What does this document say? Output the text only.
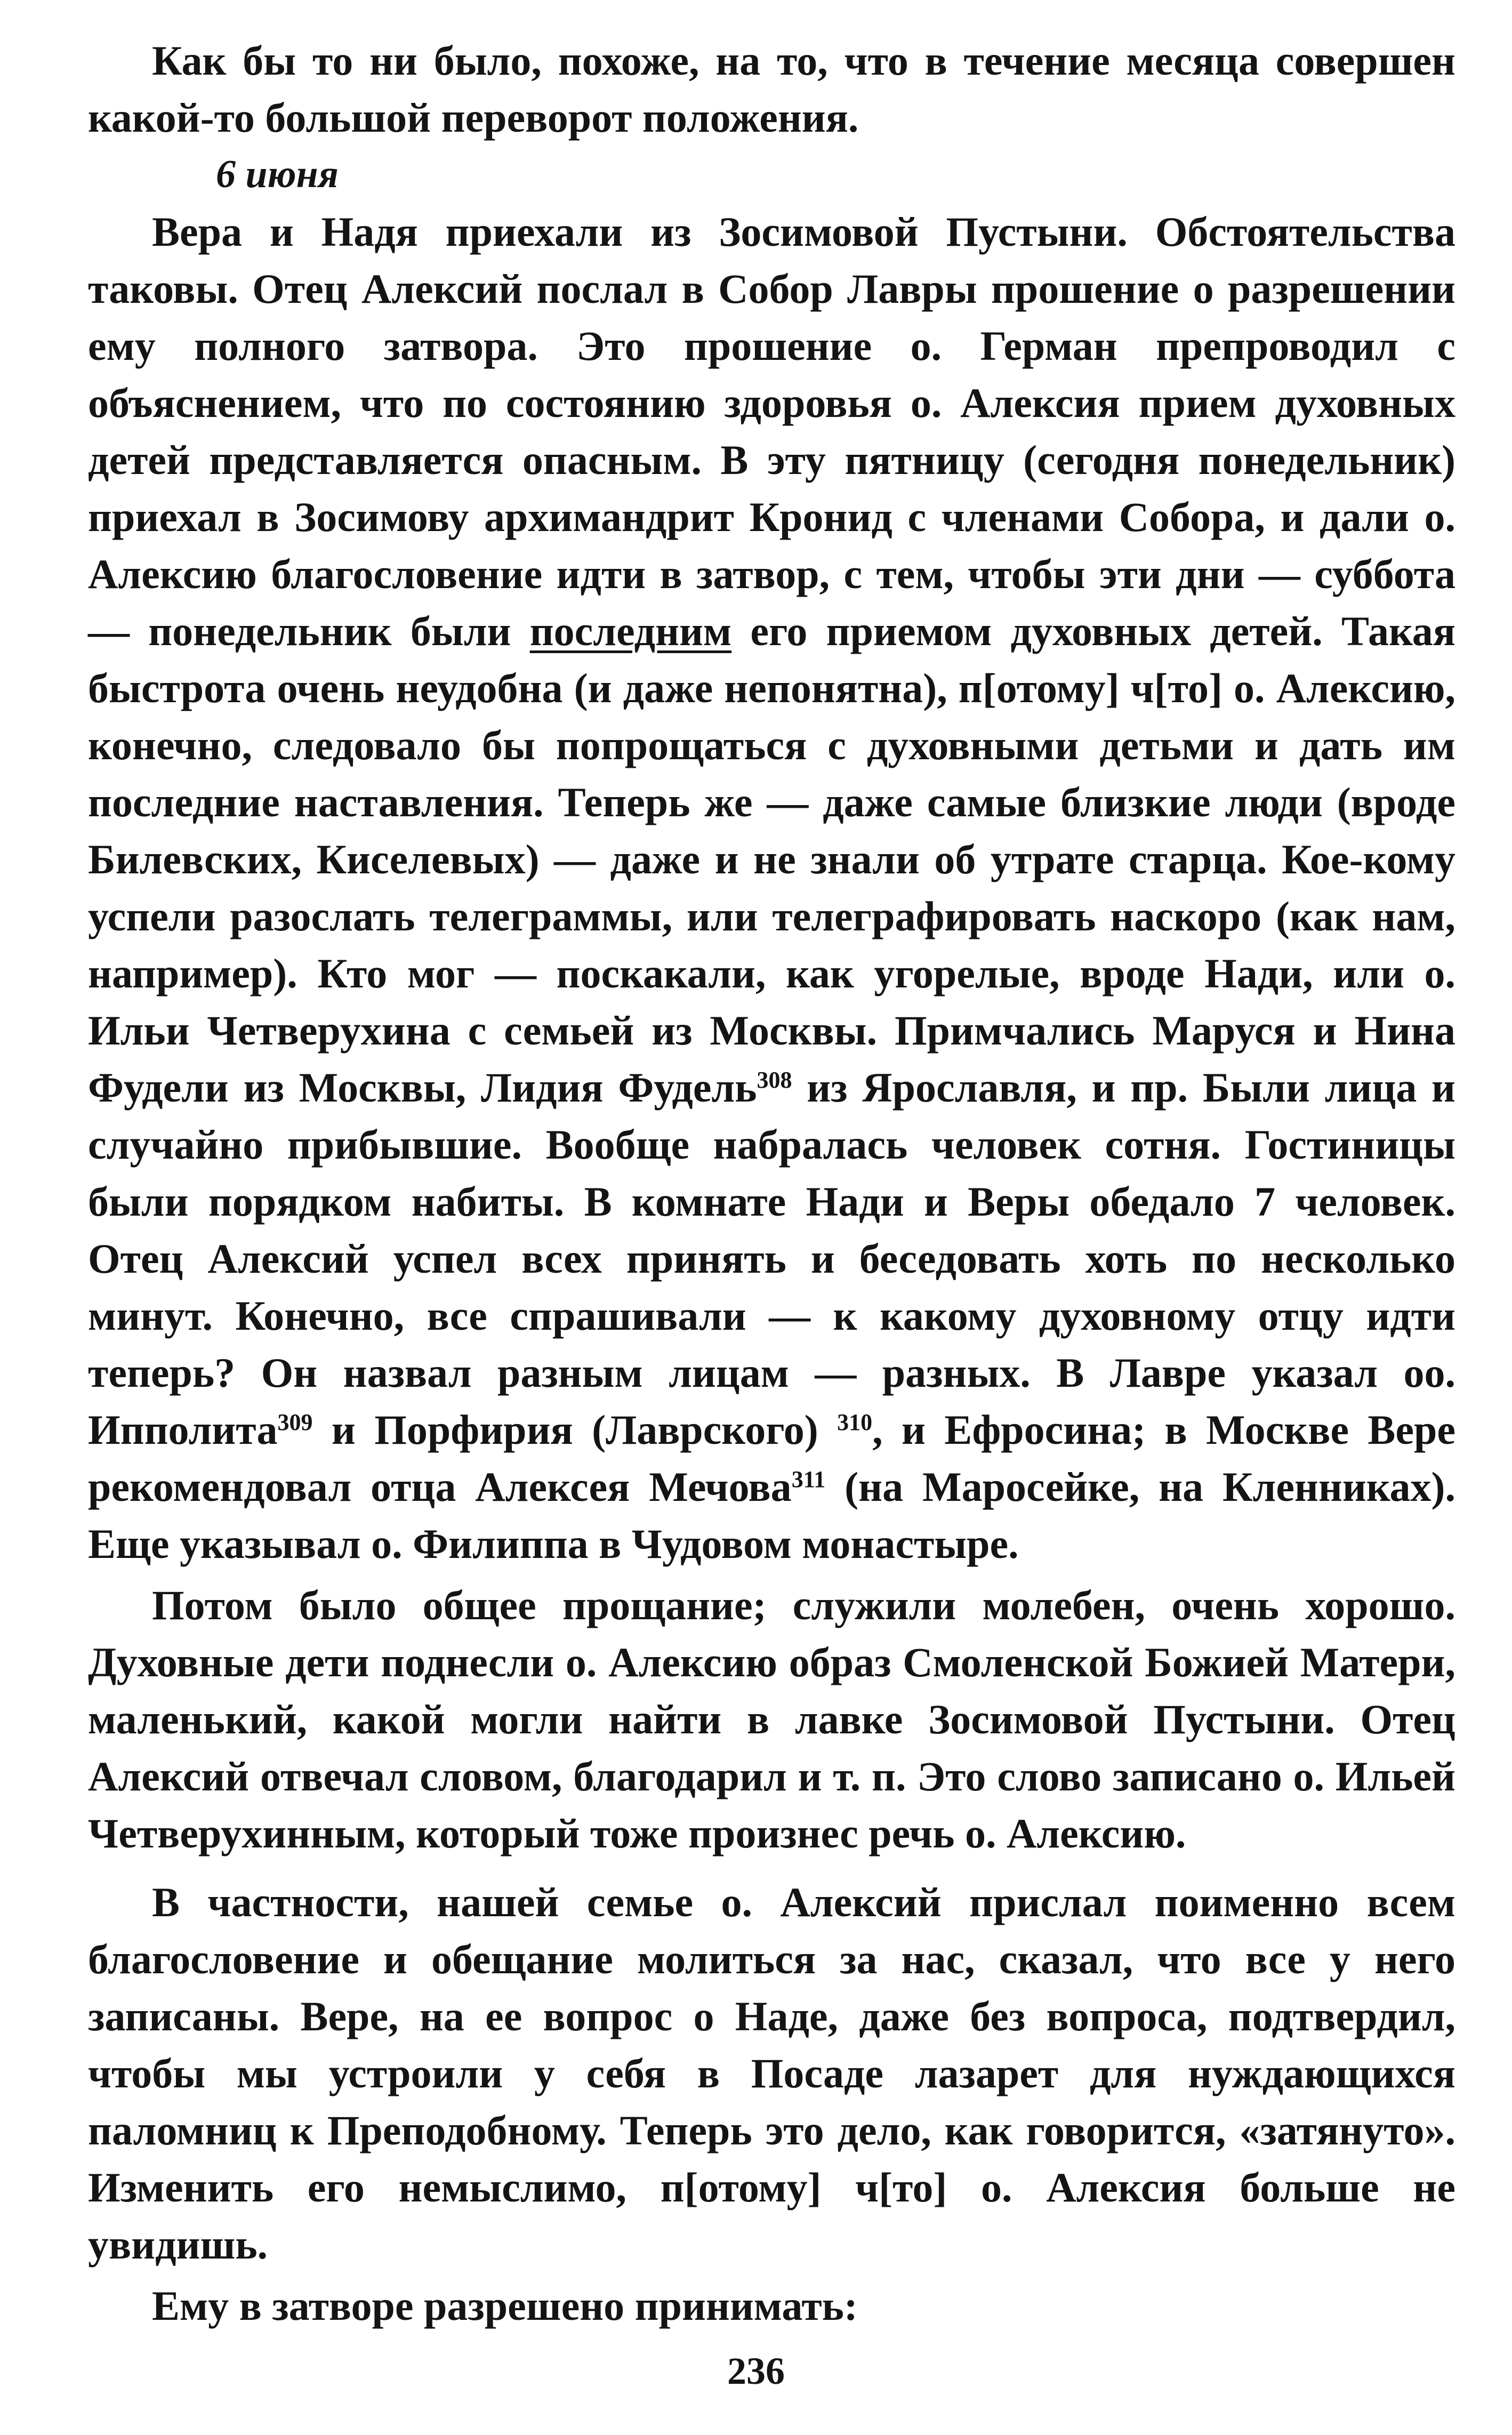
Как бы то ни было, похоже, на то, что в течение месяца совершен какой-то большой переворот положения.

6 июня

Вера и Надя приехали из Зосимовой Пустыни. Обстоятельства таковы. Отец Алексий послал в Собор Лавры прошение о разрешении ему полного затвора. Это прошение о. Герман препроводил с объяснением, что по состоянию здоровья о. Алексия прием духовных детей представляется опасным. В эту пятницу (сегодня понедельник) приехал в Зосимову архимандрит Кронид с членами Собора, и дали о. Алексию благословение идти в затвор, с тем, чтобы эти дни — суббота — понедельник были последним его приемом духовных детей. Такая быстрота очень неудобна (и даже непонятна), п[отому] ч[то] о. Алексию, конечно, следовало бы попрощаться с духовными детьми и дать им последние наставления. Теперь же — даже самые близкие люди (вроде Билевских, Киселевых) — даже и не знали об утрате старца. Кое-кому успели разослать телеграммы, или телеграфировать наскоро (как нам, например). Кто мог — поскакали, как угорелые, вроде Нади, или о. Ильи Четверухина с семьей из Москвы. Примчались Маруся и Нина Фудели из Москвы, Лидия Фудель$^{308}$ из Ярославля, и пр. Были лица и случайно прибывшие. Вообще набралась человек сотня. Гостиницы были порядком набиты. В комнате Нади и Веры обедало 7 человек. Отец Алексий успел всех принять и беседовать хоть по несколько минут. Конечно, все спрашивали — к какому духовному отцу идти теперь? Он назвал разным лицам — разных. В Лавре указал оо. Ипполита$^{309}$ и Порфирия (Лаврского) $^{310}$, и Ефросина; в Москве Вере рекомендовал отца Алексея Мечова$^{311}$ (на Маросейке, на Кленниках). Еще указывал о. Филиппа в Чудовом монастыре.

Потом было общее прощание; служили молебен, очень хорошо. Духовные дети поднесли о. Алексию образ Смоленской Божией Матери, маленький, какой могли найти в лавке Зосимовой Пустыни. Отец Алексий отвечал словом, благодарил и т. п. Это слово записано о. Ильей Четверухинным, который тоже произнес речь о. Алексию.

В частности, нашей семье о. Алексий прислал поименно всем благословение и обещание молиться за нас, сказал, что все у него записаны. Вере, на ее вопрос о Наде, даже без вопроса, подтвердил, чтобы мы устроили у себя в Посаде лазарет для нуждающихся паломниц к Преподобному. Теперь это дело, как говорится, «затянуто». Изменить его немыслимо, п[отому] ч[то] о. Алексия больше не увидишь.

Ему в затворе разрешено принимать:

236
